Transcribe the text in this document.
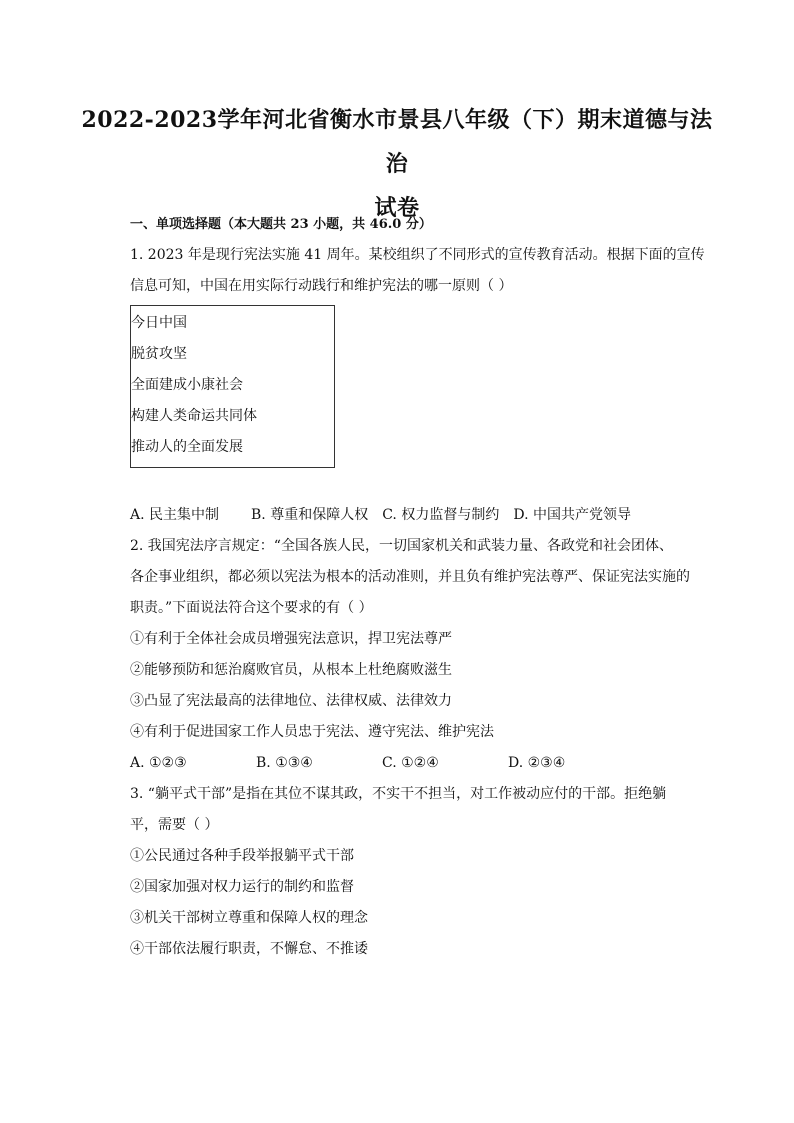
2022-2023学年河北省衡水市景县八年级（下）期末道德与法治
试卷
一、单项选择题（本大题共 23 小题，共 46.0 分）
1. 2023 年是现行宪法实施 41 周年。某校组织了不同形式的宣传教育活动。根据下面的宣传
信息可知，中国在用实际行动践行和维护宪法的哪一原则（ ）
今日中国
脱贫攻坚
全面建成小康社会
构建人类命运共同体
推动人的全面发展
A. 民主集中制 B. 尊重和保障人权 C. 权力监督与制约 D. 中国共产党领导
2. 我国宪法序言规定：“全国各族人民，一切国家机关和武装力量、各政党和社会团体、
各企事业组织，都必须以宪法为根本的活动准则，并且负有维护宪法尊严、保证宪法实施的
职责。”下面说法符合这个要求的有（ ）
①有利于全体社会成员增强宪法意识，捍卫宪法尊严
②能够预防和惩治腐败官员，从根本上杜绝腐败滋生
③凸显了宪法最高的法律地位、法律权威、法律效力
④有利于促进国家工作人员忠于宪法、遵守宪法、维护宪法
A. ①②③	B. ①③④	C. ①②④	D. ②③④
3. “躺平式干部”是指在其位不谋其政，不实干不担当，对工作被动应付的干部。拒绝躺
平，需要（ ）
①公民通过各种手段举报躺平式干部
②国家加强对权力运行的制约和监督
③机关干部树立尊重和保障人权的理念
④干部依法履行职责，不懈怠、不推诿
